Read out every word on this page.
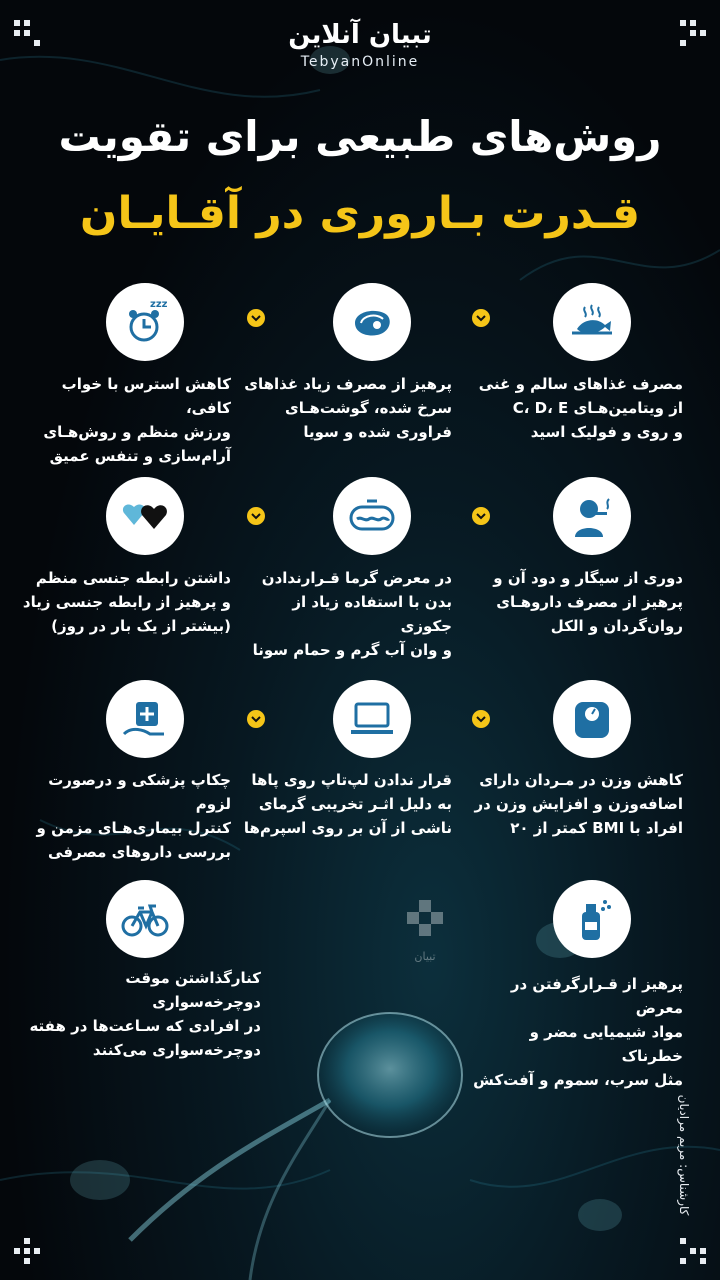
تبیان آنلاین
TebyanOnline
روش‌های طبیعی برای تقویت
قـدرت بـاروری در آقـایـان
zzz
مصرف غذاهای سالم و غنی
از ویتامین‌هـای C، D، E
و روی و فولیک اسید
پرهیز از مصرف زیاد غذاهای
سرخ شده، گوشت‌هـای
فراوری شده و سویا
کاهش استرس با خواب کافی،
ورزش منظم و روش‌هـای
آرام‌سازی و تنفس عمیق
دوری از سیگار و دود آن و
پرهیز از مصرف داروهـای
روان‌گردان و الکل
در معرض گرما قـرارندادن
بدن با استفاده زیاد از جکوزی
و وان آب گرم و حمام سونا
داشتن رابطه جنسی منظم
و پرهیز از رابطه جنسی زیاد
(بیشتر از یک بار در روز)
کاهش وزن در مـردان دارای
اضافه‌وزن و افزایش وزن در
افراد با BMI کمتر از ۲۰
قرار ندادن لپ‌تاپ روی پاها
به دلیل اثـر تخریبی گرمای
ناشی از آن بر روی اسپرم‌ها
چکاپ پزشکی و درصورت لزوم
کنترل بیماری‌هـای مزمن و
بررسی داروهای مصرفی
پرهیز از قـرارگرفتن در معرض
مواد شیمیایی مضر و خطرناک
مثل سرب، سموم و آفت‌کش
کنارگذاشتن موقت دوچرخه‌سواری
در افرادی که سـاعت‌ها در هفته
دوچرخه‌سواری می‌کنند
تبیان
کارشناس: مریم مرادیان
